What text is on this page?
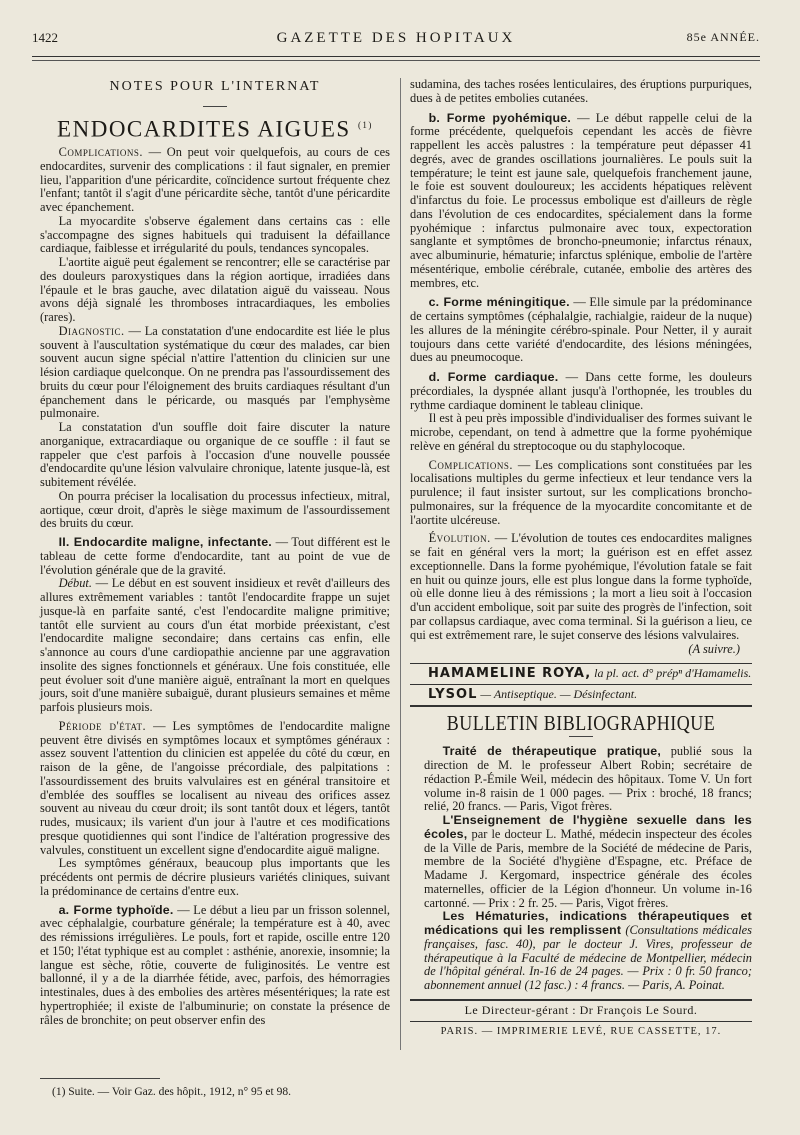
1422	GAZETTE DES HOPITAUX	85e ANNÉE.
NOTES POUR L'INTERNAT
ENDOCARDITES AIGUES $^{(1)}$

Complications. — On peut voir quelquefois, au cours de ces endocardites, survenir des complications : il faut signaler, en premier lieu, l'apparition d'une péricardite, coïncidence surtout fréquente chez l'enfant; tantôt il s'agit d'une péricardite sèche, tantôt d'une péricardite avec épanchement.

La myocardite s'observe également dans certains cas : elle s'accompagne des signes habituels qui traduisent la défaillance cardiaque, faiblesse et irrégularité du pouls, tendances syncopales.

L'aortite aiguë peut également se rencontrer; elle se caractérise par des douleurs paroxystiques dans la région aortique, irradiées dans l'épaule et le bras gauche, avec dilatation aiguë du vaisseau. Nous avons déjà signalé les thromboses intracardiaques, les embolies (rares).

Diagnostic. — La constatation d'une endocardite est liée le plus souvent à l'auscultation systématique du cœur des malades, car bien souvent aucun signe spécial n'attire l'attention du clinicien sur une lésion cardiaque quelconque. On ne prendra pas l'assourdissement des bruits du cœur pour l'éloignement des bruits cardiaques résultant d'un épanchement dans le péricarde, ou masqués par l'emphysème pulmonaire.

La constatation d'un souffle doit faire discuter la nature anorganique, extracardiaque ou organique de ce souffle : il faut se rappeler que c'est parfois à l'occasion d'une nouvelle poussée d'endocardite qu'une lésion valvulaire chronique, latente jusque-là, est subitement révélée.

On pourra préciser la localisation du processus infectieux, mitral, aortique, cœur droit, d'après le siège maximum de l'assourdissement des bruits du cœur.

II. Endocardite maligne, infectante. — Tout différent est le tableau de cette forme d'endocardite, tant au point de vue de l'évolution générale que de la gravité.

Début. — Le début en est souvent insidieux et revêt d'ailleurs des allures extrêmement variables : tantôt l'endocardite frappe un sujet jusque-là en parfaite santé, c'est l'endocardite maligne primitive; tantôt elle survient au cours d'un état morbide préexistant, c'est l'endocardite maligne secondaire; dans certains cas enfin, elle s'annonce au cours d'une cardiopathie ancienne par une aggravation insolite des signes fonctionnels et généraux. Une fois constituée, elle peut évoluer soit d'une manière aiguë, entraînant la mort en quelques jours, soit d'une manière subaiguë, durant plusieurs semaines et même parfois plusieurs mois.

Période d'état. — Les symptômes de l'endocardite maligne peuvent être divisés en symptômes locaux et symptômes généraux : assez souvent l'attention du clinicien est appelée du côté du cœur, en raison de la gêne, de l'angoisse précordiale, des palpitations : l'assourdissement des bruits valvulaires est en général transitoire et d'emblée des souffles se localisent au niveau des orifices assez souvent au niveau du cœur droit; ils sont tantôt doux et légers, tantôt rudes, musicaux; ils varient d'un jour à l'autre et ces modifications presque quotidiennes qui sont l'indice de l'altération progressive des valvules, constituent un excellent signe d'endocardite aiguë maligne.

Les symptômes généraux, beaucoup plus importants que les précédents ont permis de décrire plusieurs variétés cliniques, suivant la prédominance de certains d'entre eux.

a. Forme typhoïde. — Le début a lieu par un frisson solennel, avec céphalalgie, courbature générale; la température est à 40, avec des rémissions irrégulières. Le pouls, fort et rapide, oscille entre 120 et 150; l'état typhique est au complet : asthénie, anorexie, insomnie; la langue est sèche, rôtie, couverte de fuliginosités. Le ventre est ballonné, il y a de la diarrhée fétide, avec, parfois, des hémorragies intestinales, dues à des embolies des artères mésentériques; la rate est hypertrophiée; il existe de l'albuminurie; on constate la présence de râles de bronchite; on peut observer enfin des

(1) Suite. — Voir Gaz. des hôpit., 1912, n° 95 et 98.

sudamina, des taches rosées lenticulaires, des éruptions purpuriques, dues à de petites embolies cutanées.

b. Forme pyohémique. — Le début rappelle celui de la forme précédente, quelquefois cependant les accès de fièvre rappellent les accès palustres : la température peut dépasser 41 degrés, avec de grandes oscillations journalières. Le pouls suit la température; le teint est jaune sale, quelquefois franchement jaune, le foie est souvent douloureux; les accidents hépatiques relèvent d'infarctus du foie. Le processus embolique est d'ailleurs de règle dans l'évolution de ces endocardites, spécialement dans la forme pyohémique : infarctus pulmonaire avec toux, expectoration sanglante et symptômes de broncho-pneumonie; infarctus rénaux, avec albuminurie, hématurie; infarctus splénique, embolie de l'artère mésentérique, embolie cérébrale, cutanée, embolie des artères des membres, etc.

c. Forme méningitique. — Elle simule par la prédominance de certains symptômes (céphalalgie, rachialgie, raideur de la nuque) les allures de la méningite cérébro-spinale. Pour Netter, il y aurait toujours dans cette variété d'endocardite, des lésions méningées, dues au pneumocoque.

d. Forme cardiaque. — Dans cette forme, les douleurs précordiales, la dyspnée allant jusqu'à l'orthopnée, les troubles du rythme cardiaque dominent le tableau clinique.

Il est à peu près impossible d'individualiser des formes suivant le microbe, cependant, on tend à admettre que la forme pyohémique relève en général du streptocoque ou du staphylocoque.

Complications. — Les complications sont constituées par les localisations multiples du germe infectieux et leur tendance vers la purulence; il faut insister surtout, sur les complications broncho-pulmonaires, sur la fréquence de la myocardite concomitante et de l'aortite ulcéreuse.

Évolution. — L'évolution de toutes ces endocardites malignes se fait en général vers la mort; la guérison est en effet assez exceptionnelle. Dans la forme pyohémique, l'évolution fatale se fait en huit ou quinze jours, elle est plus longue dans la forme typhoïde, où elle donne lieu à des rémissions ; la mort a lieu soit à l'occasion d'un accident embolique, soit par suite des progrès de l'infection, soit par collapsus cardiaque, avec coma terminal. Si la guérison a lieu, ce qui est extrêmement rare, le sujet conserve des lésions valvulaires.

(A suivre.)

HAMAMELINE ROYA, la pl. act. d° prépⁿ d'Hamamelis.

LYSOL — Antiseptique. — Désinfectant.

BULLETIN BIBLIOGRAPHIQUE

Traité de thérapeutique pratique, publié sous la direction de M. le professeur Albert Robin; secrétaire de rédaction P.-Émile Weil, médecin des hôpitaux. Tome V. Un fort volume in-8 raisin de 1 000 pages. — Prix : broché, 18 francs; relié, 20 francs. — Paris, Vigot frères.

L'Enseignement de l'hygiène sexuelle dans les écoles, par le docteur L. Mathé, médecin inspecteur des écoles de la Ville de Paris, membre de la Société de médecine de Paris, membre de la Société d'hygiène d'Espagne, etc. Préface de Madame J. Kergomard, inspectrice générale des écoles maternelles, officier de la Légion d'honneur. Un volume in-16 cartonné. — Prix : 2 fr. 25. — Paris, Vigot frères.

Les Hématuries, indications thérapeutiques et médications qui les remplissent (Consultations médicales françaises, fasc. 40), par le docteur J. Vires, professeur de thérapeutique à la Faculté de médecine de Montpellier, médecin de l'hôpital général. In-16 de 24 pages. — Prix : 0 fr. 50 franco; abonnement annuel (12 fasc.) : 4 francs. — Paris, A. Poinat.

Le Directeur-gérant : Dr François Le Sourd.
PARIS. — IMPRIMERIE LEVÉ, RUE CASSETTE, 17.
